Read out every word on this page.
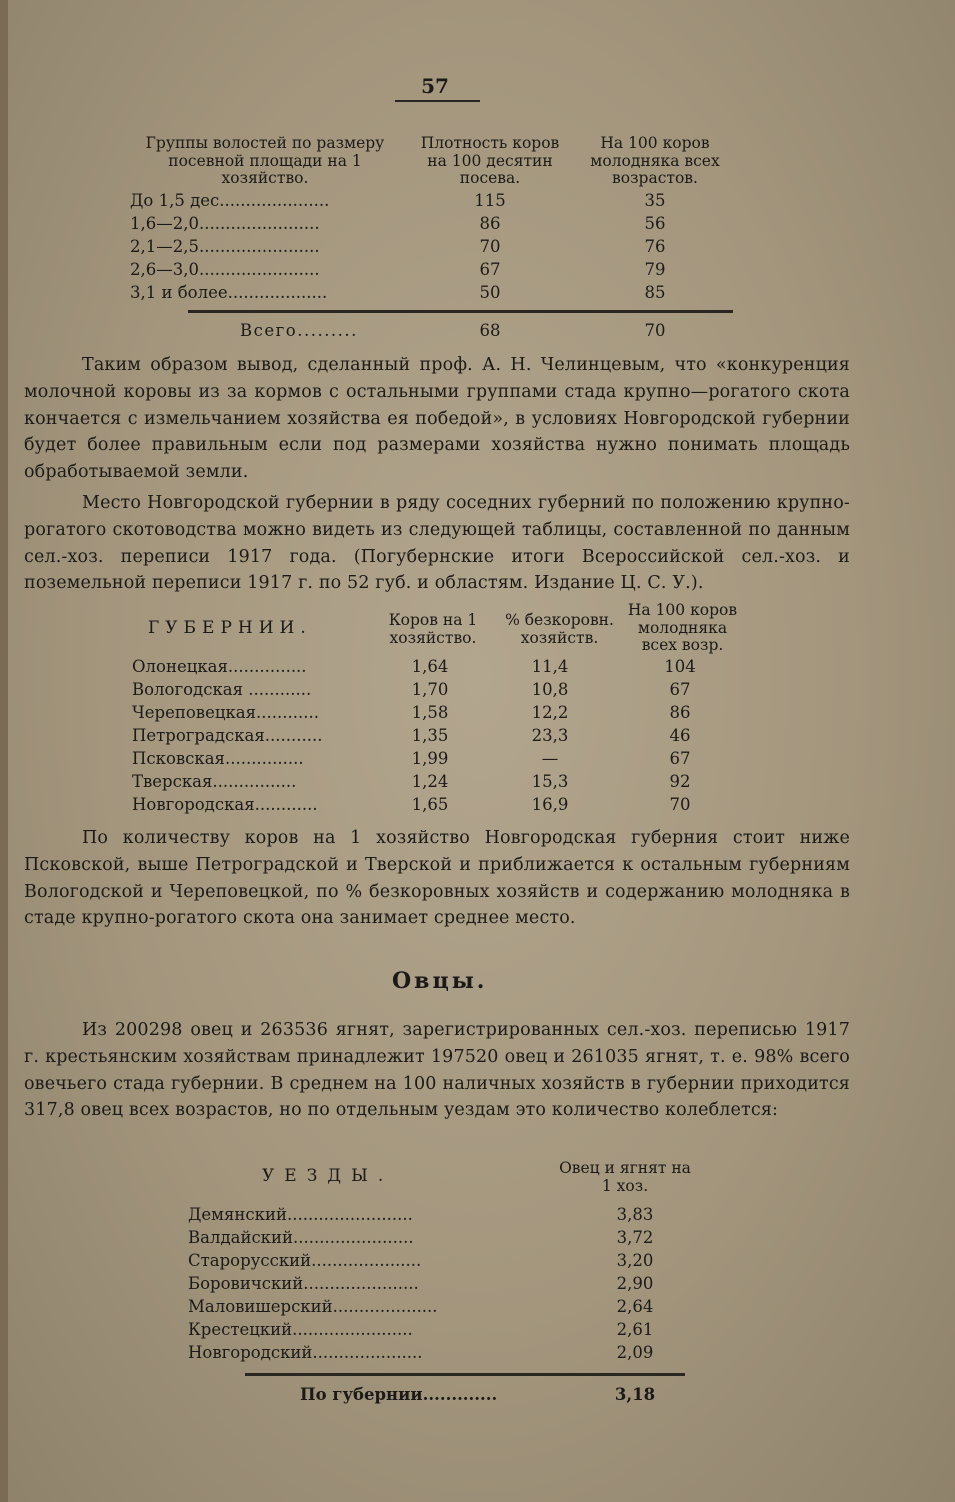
57
Группы волостей по размеру посевной площади на 1 хозяйство.
Плотность коров на 100 десятин посева.
На 100 коров молодняка всех возрастов.
До 1,5 дес.....................	115	35
1,6—2,0.......................	86	56
2,1—2,5.......................	70	76
2,6—3,0.......................	67	79
3,1 и более...................	50	85
Всего.........	68	70

Таким образом вывод, сделанный проф. А. Н. Челинцевым, что «конкуренция молочной коровы из за кормов с остальными группами стада крупно—рогатого скота кончается с измельчанием хозяйства ея победой», в условиях Новгородской губернии будет более правильным если под размерами хозяйства нужно понимать площадь обработываемой земли.

Место Новгородской губернии в ряду соседних губерний по положению крупно-рогатого скотоводства можно видеть из следующей таблицы, составленной по данным сел.-хоз. переписи 1917 года. (Погубернские итоги Всероссийской сел.-хоз. и поземельной переписи 1917 г. по 52 губ. и областям. Издание Ц. С. У.).

ГУБЕРНИИ.	Коров на 1 хозяйство.
% безкоровн. хозяйств.
На 100 коров молодняка всех возр.
Олонецкая...............	1,64	11,4	104
Вологодская ............	1,70	10,8	67
Череповецкая............	1,58	12,2	86
Петроградская...........	1,35	23,3	46
Псковская...............	1,99	—	67
Тверская................	1,24	15,3	92
Новгородская............	1,65	16,9	70

По количеству коров на 1 хозяйство Новгородская губерния стоит ниже Псковской, выше Петроградской и Тверской и приближается к остальным губерниям Вологодской и Череповецкой, по % безкоровных хозяйств и содержанию молодняка в стаде крупно-рогатого скота она занимает среднее место.

Овцы.

Из 200298 овец и 263536 ягнят, зарегистрированных сел.-хоз. переписью 1917 г. крестьянским хозяйствам принадлежит 197520 овец и 261035 ягнят, т. е. 98% всего овечьего стада губернии. В среднем на 100 наличных хозяйств в губернии приходится 317,8 овец всех возрастов, но по отдельным уездам это количество колеблется:

УЕЗДЫ.	Овец и ягнят на 1 хоз.
Демянский........................	3,83
Валдайский.......................	3,72
Старорусский.....................	3,20
Боровичский......................	2,90
Маловишерский....................	2,64
Крестецкий.......................	2,61
Новгородский.....................	2,09
По губернии.............	3,18
